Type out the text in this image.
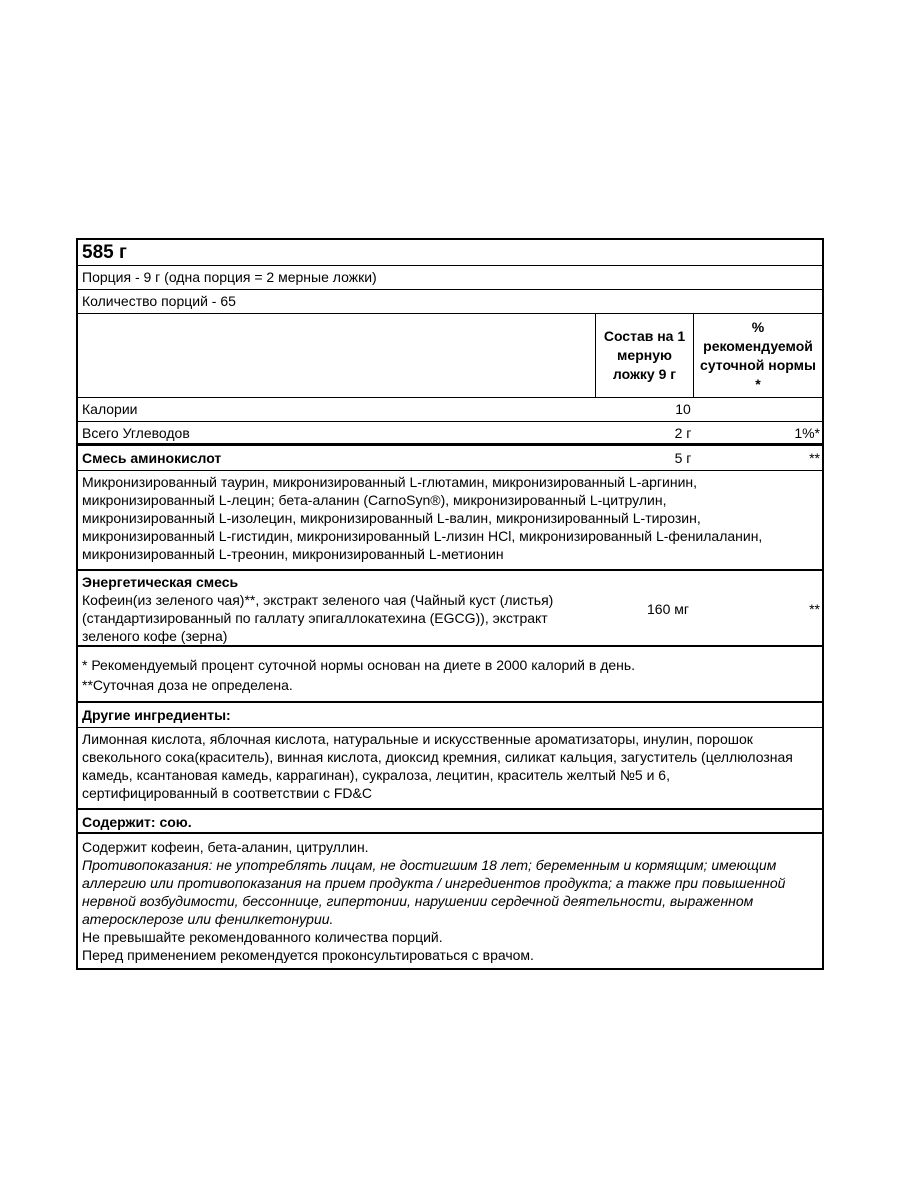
585 г
Порция - 9 г (одна порция = 2 мерные ложки)
Количество порций - 65
Состав на 1 мерную ложку 9 г
% рекомендуемой суточной нормы *
Калории	10
Всего Углеводов	2 г	1%*
Смесь аминокислот	5 г	**
Микронизированный таурин, микронизированный L-глютамин, микронизированный L-аргинин,
микронизированный L-лецин; бета-аланин (CarnoSyn®), микронизированный L-цитрулин,
микронизированный L-изолецин, микронизированный L-валин, микронизированный L-тирозин,
микронизированный L-гистидин, микронизированный L-лизин HCl, микронизированный L-фенилаланин,
микронизированный L-треонин, микронизированный L-метионин
Энергетическая смесь
Кофеин(из зеленого чая)**, экстракт зеленого чая (Чайный куст (листья)
(стандартизированный по галлату эпигаллокатехина (EGCG)), экстракт
зеленого кофе (зерна)
160 мг	**
* Рекомендуемый процент суточной нормы основан на диете в 2000 калорий в день.
**Суточная доза не определена.
Другие ингредиенты:
Лимонная кислота, яблочная кислота, натуральные и искусственные ароматизаторы, инулин, порошок
свекольного сока(краситель), винная кислота, диоксид кремния, силикат кальция, загуститель (целлюлозная
камедь, ксантановая камедь, каррагинан), сукралоза, лецитин, краситель желтый №5 и 6,
сертифицированный в соответствии с FD&C
Содержит: сою.
Содержит кофеин, бета-аланин, цитруллин.
Противопоказания: не употреблять лицам, не достигшим 18 лет; беременным и кормящим; имеющим
аллергию или противопоказания на прием продукта / ингредиентов продукта; а также при повышенной
нервной возбудимости, бессоннице, гипертонии, нарушении сердечной деятельности, выраженном
атеросклерозе или фенилкетонурии.
Не превышайте рекомендованного количества порций.
Перед применением рекомендуется проконсультироваться с врачом.
